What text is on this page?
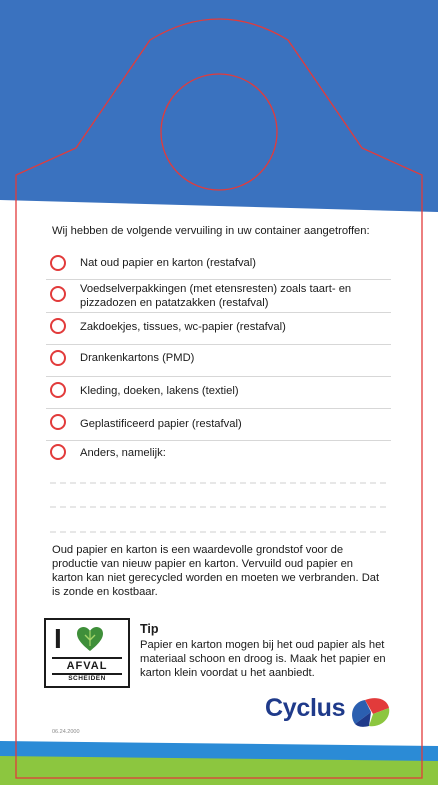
Wij hebben de volgende vervuiling in uw container aangetroffen:
Nat oud papier en karton (restafval)
Voedselverpakkingen (met etensresten) zoals taart- en pizzadozen en patatzakken (restafval)
Zakdoekjes, tissues, wc-papier (restafval)
Drankenkartons (PMD)
Kleding, doeken, lakens (textiel)
Geplastificeerd papier (restafval)
Anders, namelijk:
Oud papier en karton is een waardevolle grondstof voor de productie van nieuw papier en karton. Vervuild oud papier en karton kan niet gerecycled worden en moeten we verbranden. Dat is zonde en kostbaar.
I
AFVAL
SCHEIDEN
Tip
Papier en karton mogen bij het oud papier als het materiaal schoon en droog is. Maak het papier en karton klein voordat u het aanbiedt.
Cyclus
06.24.2000
